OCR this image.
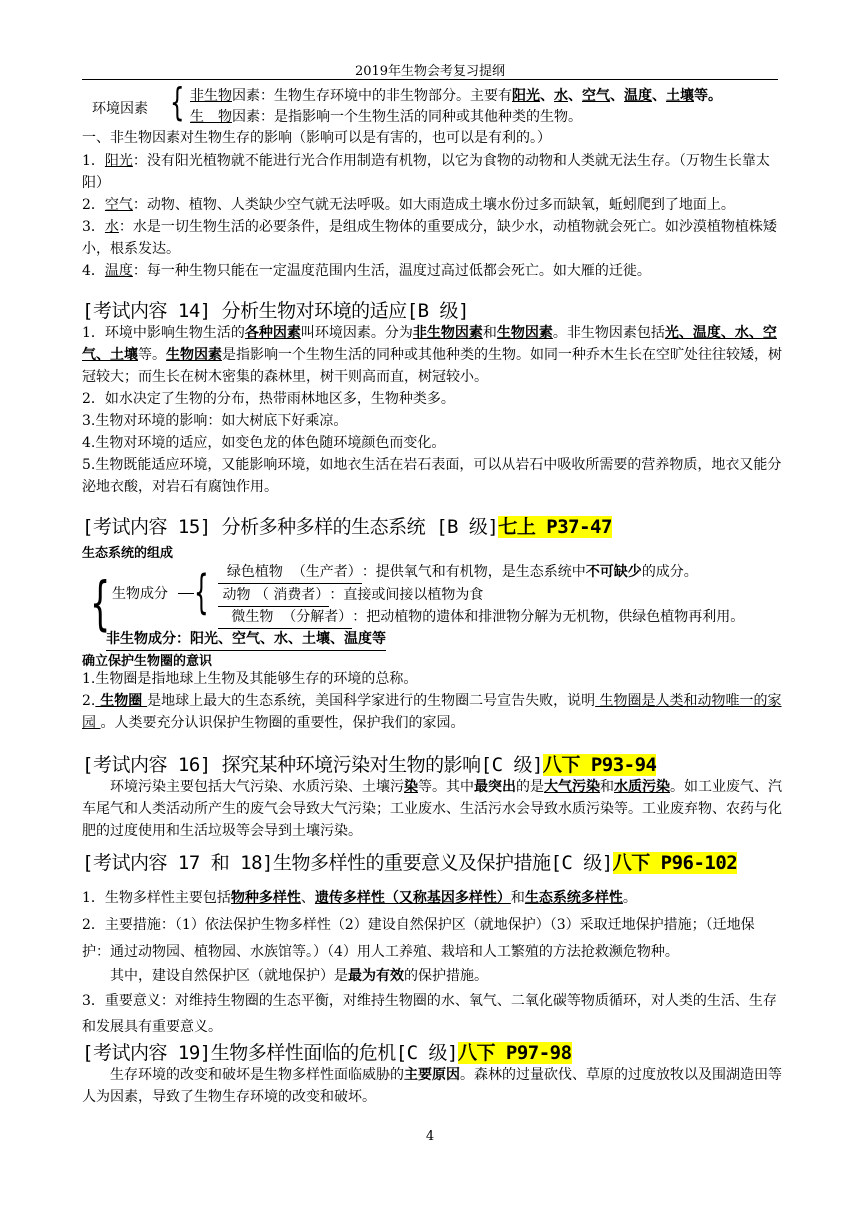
2019年生物会考复习提纲
环境因素 { 非生物因素：生物生存环境中的非生物部分。主要有阳光、水、空气、温度、土壤等。
生　物因素：是指影响一个生物生活的同种或其他种类的生物。
一、非生物因素对生物生存的影响（影响可以是有害的，也可以是有利的。）
1．阳光：没有阳光植物就不能进行光合作用制造有机物，以它为食物的动物和人类就无法生存。（万物生长靠太阳）
2．空气：动物、植物、人类缺少空气就无法呼吸。如大雨造成土壤水份过多而缺氧，蚯蚓爬到了地面上。
3．水：水是一切生物生活的必要条件，是组成生物体的重要成分，缺少水，动植物就会死亡。如沙漠植物植株矮小，根系发达。
4．温度：每一种生物只能在一定温度范围内生活，温度过高过低都会死亡。如大雁的迁徙。
[考试内容 14] 分析生物对环境的适应[B 级]
1．环境中影响生物生活的各种因素叫环境因素。分为非生物因素和生物因素。非生物因素包括光、温度、水、空气、土壤等。生物因素是指影响一个生物生活的同种或其他种类的生物。如同一种乔木生长在空旷处往往较矮，树冠较大；而生长在树木密集的森林里，树干则高而直，树冠较小。
2．如水决定了生物的分布，热带雨林地区多，生物种类多。
3.生物对环境的影响：如大树底下好乘凉。
4.生物对环境的适应，如变色龙的体色随环境颜色而变化。
5.生物既能适应环境，又能影响环境，如地衣生活在岩石表面，可以从岩石中吸收所需要的营养物质，地衣又能分泌地衣酸，对岩石有腐蚀作用。
[考试内容 15] 分析多种多样的生态系统 [B 级]七上 P37-47
生态系统的组成
{ 生物成分 {	绿色植物 （生产者）：提供氧气和有机物，是生态系统中不可缺少的成分。
动物 （ 消费者）：直接或间接以植物为食
微生物 （分解者）：把动植物的遗体和排泄物分解为无机物，供绿色植物再利用。
非生物成分：阳光、空气、水、土壤、温度等
确立保护生物圈的意识
1.生物圈是指地球上生物及其能够生存的环境的总称。
2. 生物圈 是地球上最大的生态系统，美国科学家进行的生物圈二号宣告失败，说明 生物圈是人类和动物唯一的家园 。人类要充分认识保护生物圈的重要性，保护我们的家园。
[考试内容 16] 探究某种环境污染对生物的影响[C 级]八下 P93-94
环境污染主要包括大气污染、水质污染、土壤污染等。其中最突出的是大气污染和水质污染。如工业废气、汽车尾气和人类活动所产生的废气会导致大气污染；工业废水、生活污水会导致水质污染等。工业废弃物、农药与化肥的过度使用和生活垃圾等会导到土壤污染。
[考试内容 17 和 18]生物多样性的重要意义及保护措施[C 级]八下 P96-102
1．生物多样性主要包括物种多样性、遗传多样性（又称基因多样性）和生态系统多样性。
2．主要措施：（1）依法保护生物多样性（2）建设自然保护区（就地保护）（3）采取迁地保护措施；（迁地保护：通过动物园、植物园、水族馆等。）（4）用人工养殖、栽培和人工繁殖的方法抢救濒危物种。
其中，建设自然保护区（就地保护）是最为有效的保护措施。
3．重要意义：对维持生物圈的生态平衡，对维持生物圈的水、氧气、二氧化碳等物质循环，对人类的生活、生存和发展具有重要意义。
[考试内容 19]生物多样性面临的危机[C 级]八下 P97-98
生存环境的改变和破坏是生物多样性面临威胁的主要原因。森林的过量砍伐、草原的过度放牧以及围湖造田等人为因素，导致了生物生存环境的改变和破坏。
4
